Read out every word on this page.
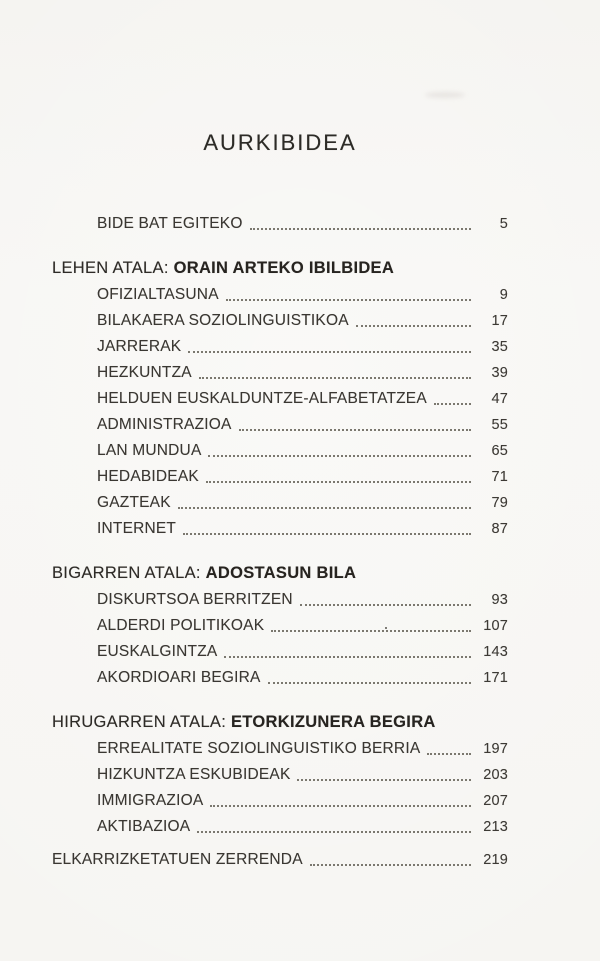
AURKIBIDEA
BIDE BAT EGITEKO	5
LEHEN ATALA: ORAIN ARTEKO IBILBIDEA
OFIZIALTASUNA	9
BILAKAERA SOZIOLINGUISTIKOA	17
JARRERAK	35
HEZKUNTZA	39
HELDUEN EUSKALDUNTZE-ALFABETATZEA	47
ADMINISTRAZIOA	55
LAN MUNDUA	65
HEDABIDEAK	71
GAZTEAK	79
INTERNET	87
BIGARREN ATALA: ADOSTASUN BILA
DISKURTSOA BERRITZEN	93
ALDERDI POLITIKOAK	107
EUSKALGINTZA	143
AKORDIOARI BEGIRA	171
HIRUGARREN ATALA: ETORKIZUNERA BEGIRA
ERREALITATE SOZIOLINGUISTIKO BERRIA	197
HIZKUNTZA ESKUBIDEAK	203
IMMIGRAZIOA	207
AKTIBAZIOA	213
ELKARRIZKETATUEN ZERRENDA	219
